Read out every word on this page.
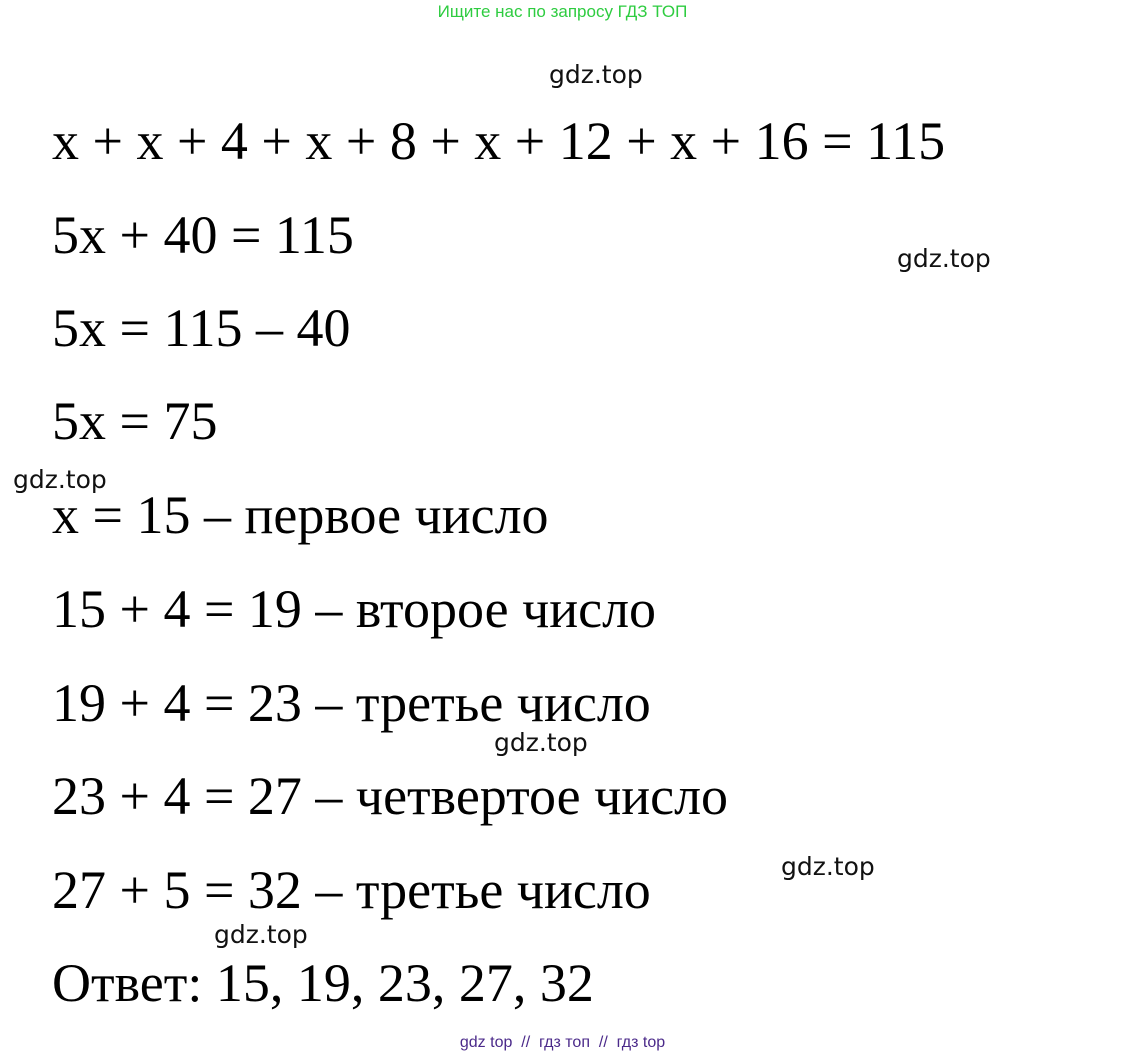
Ищите нас по запросу ГДЗ ТОП
gdz.top
gdz.top
gdz.top
gdz.top
gdz.top
gdz.top
x + x + 4 + x + 8 + x + 12 + x + 16 = 115
5x + 40 = 115
5x = 115 – 40
5x = 75
x = 15 – первое число
15 + 4 = 19 – второе число
19 + 4 = 23 – третье число
23 + 4 = 27 – четвертое число
27 + 5 = 32 – третье число
Ответ: 15, 19, 23, 27, 32
gdz top  //  гдз топ  //  гдз top
